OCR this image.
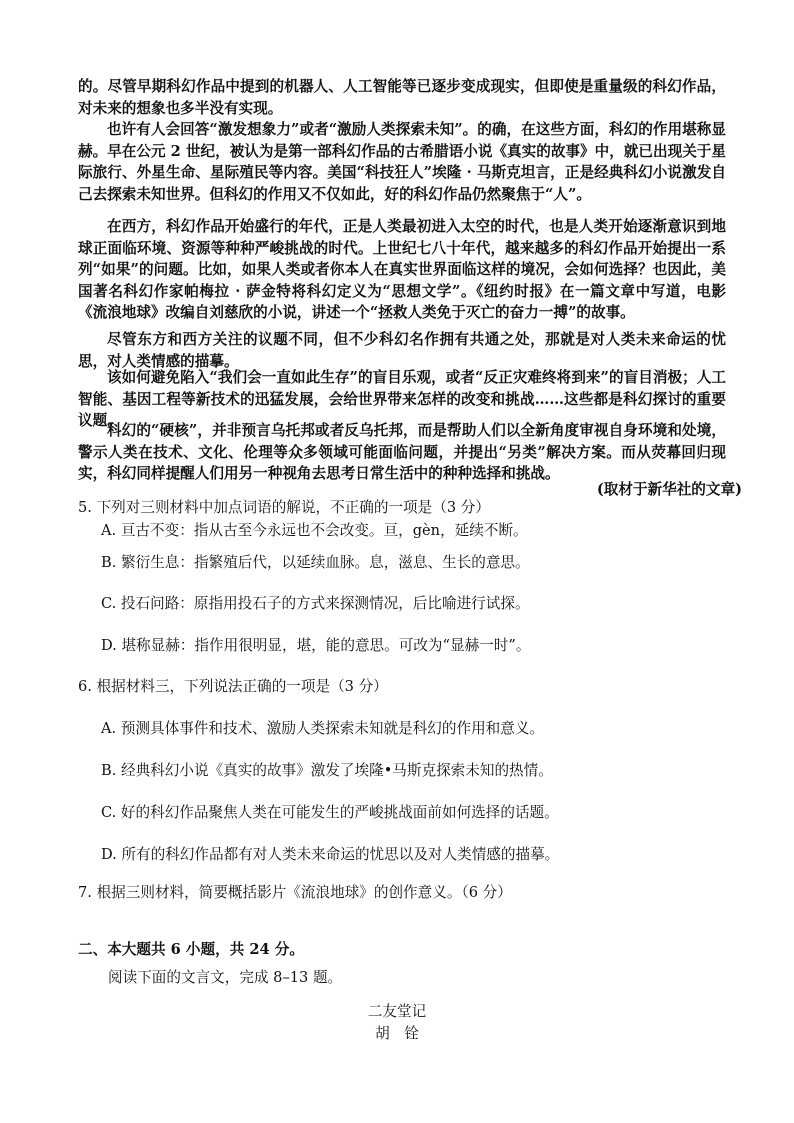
的。尽管早期科幻作品中提到的机器人、人工智能等已逐步变成现实，但即使是重量级的科幻作品，对未来的想象也多半没有实现。

也许有人会回答“激发想象力”或者“激励人类探索未知”。的确，在这些方面，科幻的作用堪称显赫。早在公元 2 世纪，被认为是第一部科幻作品的古希腊语小说《真实的故事》中，就已出现关于星际旅行、外星生命、星际殖民等内容。美国“科技狂人”埃隆 · 马斯克坦言，正是经典科幻小说激发自己去探索未知世界。但科幻的作用又不仅如此，好的科幻作品仍然聚焦于“人”。

在西方，科幻作品开始盛行的年代，正是人类最初进入太空的时代，也是人类开始逐渐意识到地球正面临环境、资源等种种严峻挑战的时代。上世纪七八十年代，越来越多的科幻作品开始提出一系列“如果”的问题。比如，如果人类或者你本人在真实世界面临这样的境况，会如何选择？也因此，美国著名科幻作家帕梅拉 · 萨金特将科幻定义为“思想文学”。《纽约时报》在一篇文章中写道，电影《流浪地球》改编自刘慈欣的小说，讲述一个“拯救人类免于灭亡的奋力一搏”的故事。

尽管东方和西方关注的议题不同，但不少科幻名作拥有共通之处，那就是对人类未来命运的忧思，对人类情感的描摹。

该如何避免陷入“我们会一直如此生存”的盲目乐观，或者“反正灾难终将到来”的盲目消极；人工智能、基因工程等新技术的迅猛发展，会给世界带来怎样的改变和挑战……这些都是科幻探讨的重要议题。

科幻的“硬核”，并非预言乌托邦或者反乌托邦，而是帮助人们以全新角度审视自身环境和处境，警示人类在技术、文化、伦理等众多领域可能面临问题，并提出“另类”解决方案。而从荧幕回归现实，科幻同样提醒人们用另一种视角去思考日常生活中的种种选择和挑战。

(取材于新华社的文章)
5. 下列对三则材料中加点词语的解说，不正确的一项是（3 分）
A. 亘古不变：指从古至今永远也不会改变。亘，gèn，延续不断。
B. 繁衍生息：指繁殖后代，以延续血脉。息，滋息、生长的意思。
C. 投石问路：原指用投石子的方式来探测情况，后比喻进行试探。
D. 堪称显赫：指作用很明显，堪，能的意思。可改为“显赫一时”。
6. 根据材料三，下列说法正确的一项是（3 分）
A. 预测具体事件和技术、激励人类探索未知就是科幻的作用和意义。
B. 经典科幻小说《真实的故事》激发了埃隆•马斯克探索未知的热情。
C. 好的科幻作品聚焦人类在可能发生的严峻挑战面前如何选择的话题。
D. 所有的科幻作品都有对人类未来命运的忧思以及对人类情感的描摹。
7. 根据三则材料，简要概括影片《流浪地球》的创作意义。（6 分）
二、本大题共 6 小题，共 24 分。
阅读下面的文言文，完成 8–13 题。
二友堂记
胡　铨
